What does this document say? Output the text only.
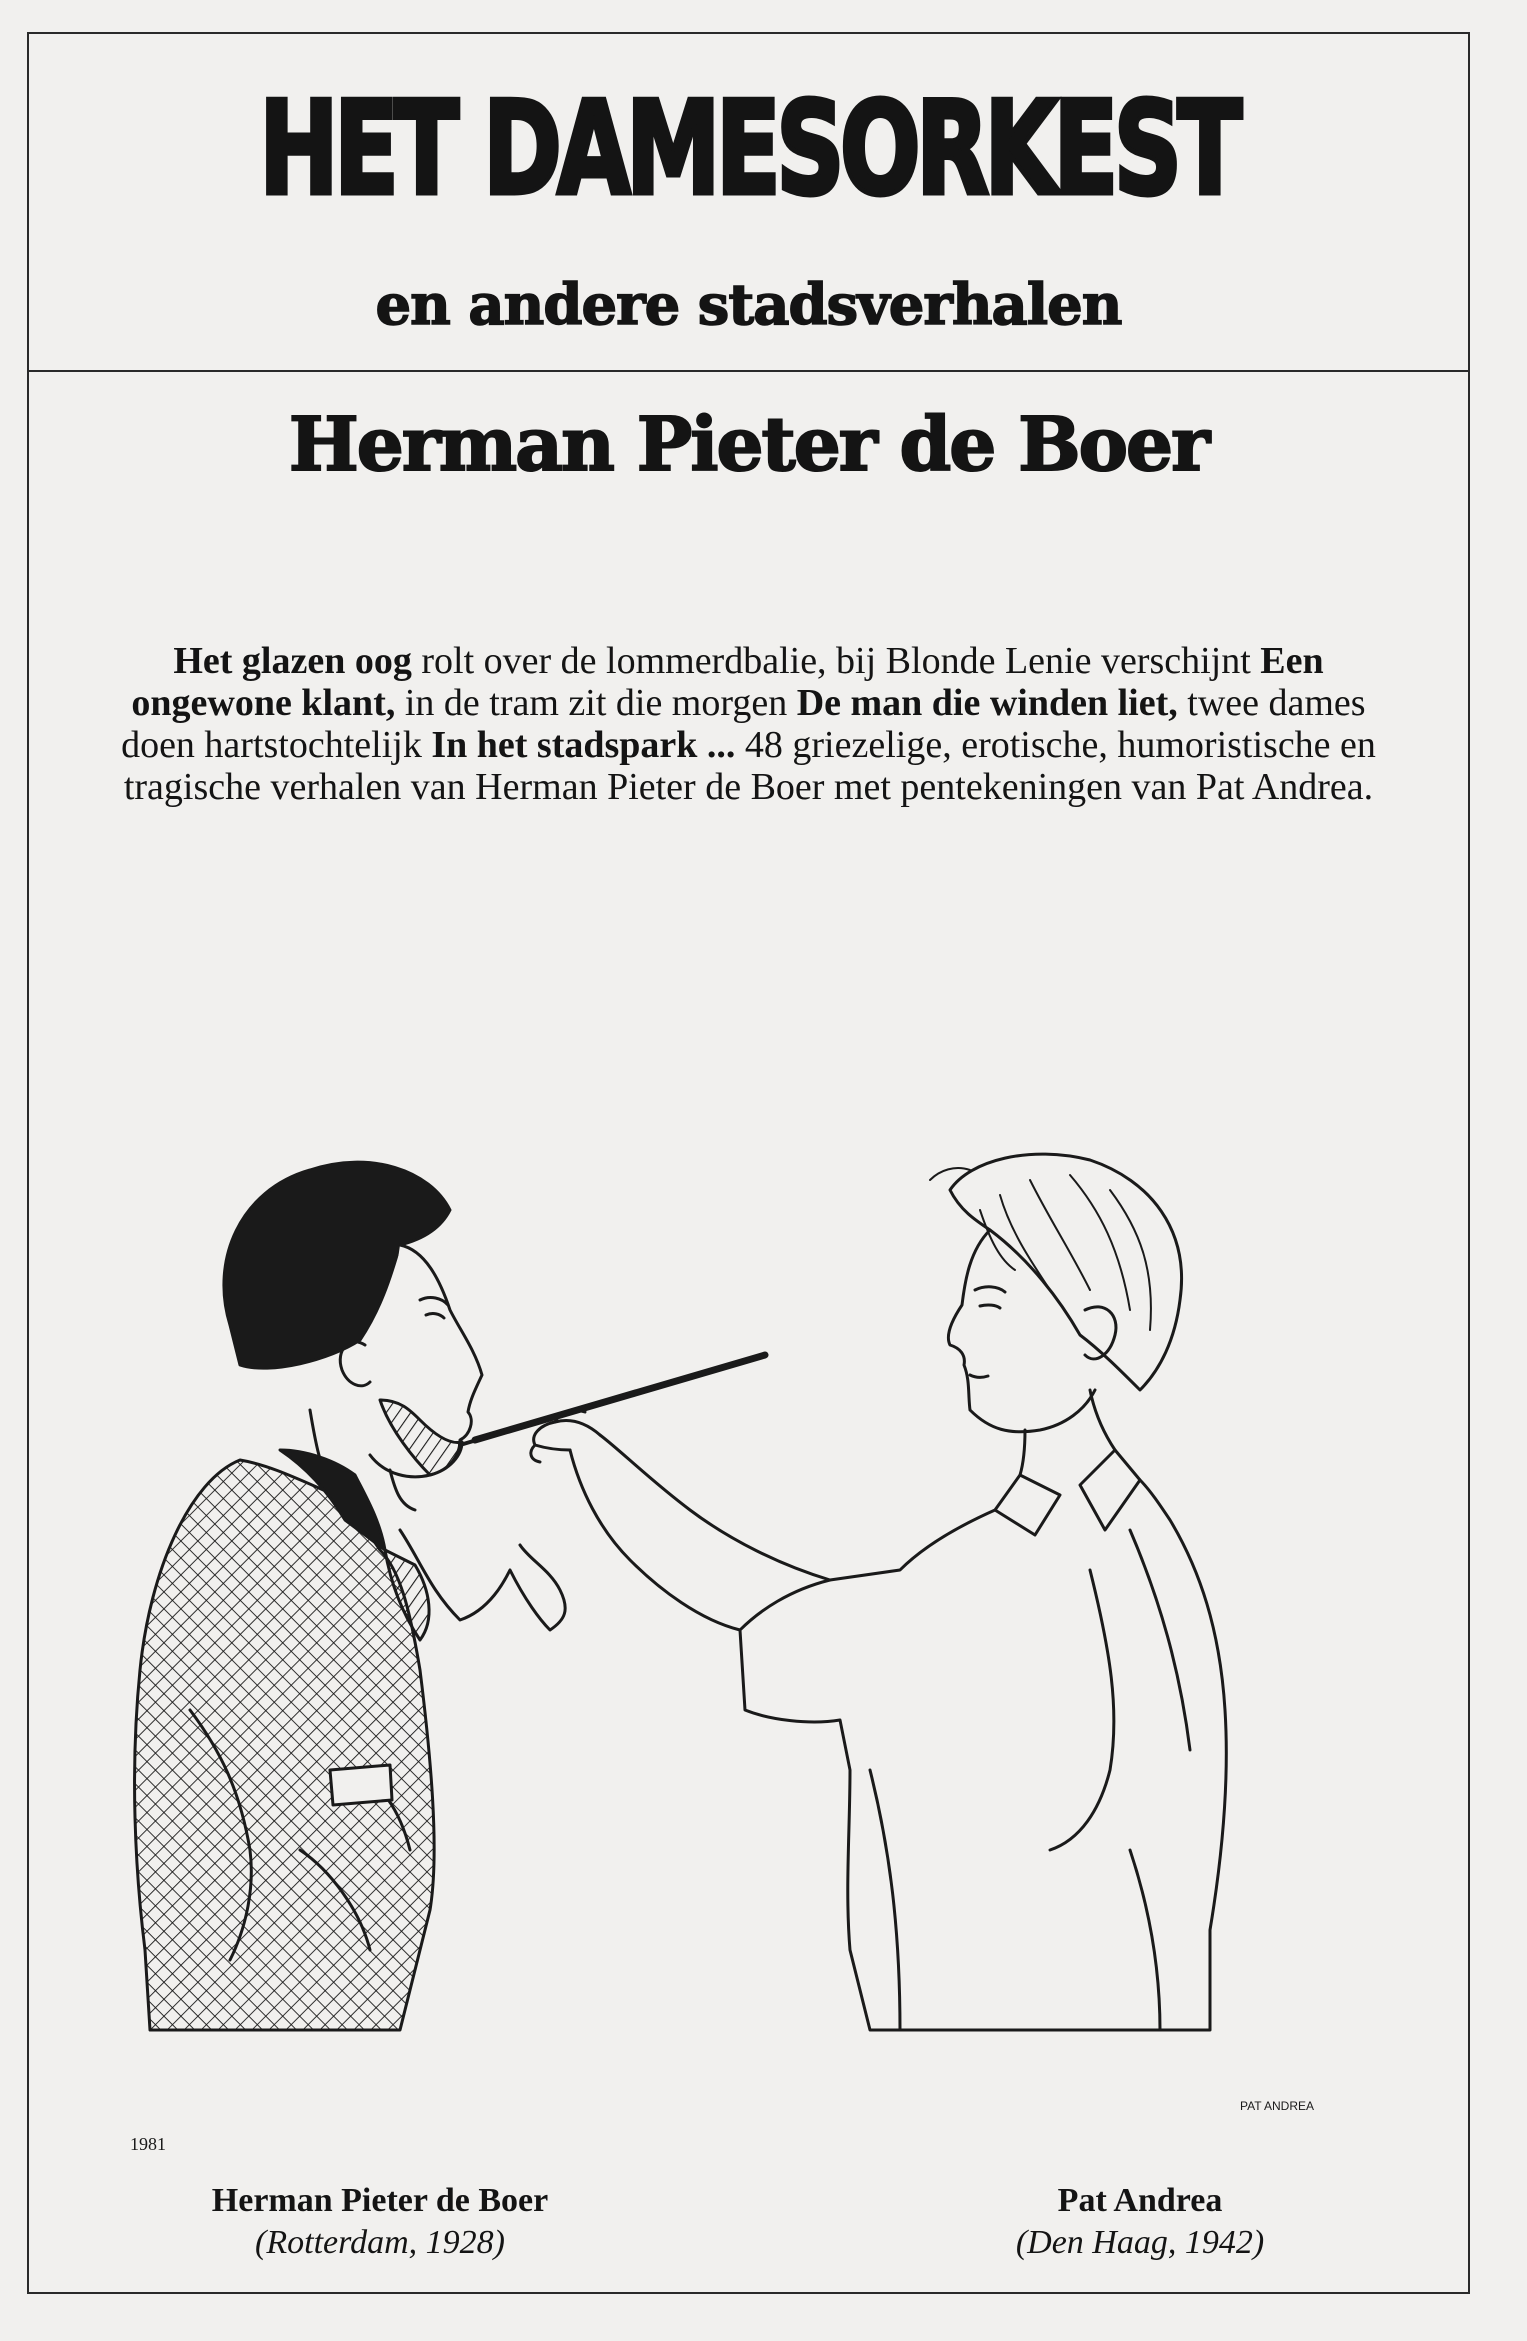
HET DAMESORKEST
en andere stadsverhalen
Herman Pieter de Boer
Het glazen oog rolt over de lommerdbalie, bij Blonde Lenie verschijnt Een ongewone klant, in de tram zit die morgen De man die winden liet, twee dames doen hartstochtelijk In het stadspark ... 48 griezelige, erotische, humoristische en tragische verhalen van Herman Pieter de Boer met pentekeningen van Pat Andrea.
1981
PAT ANDREA
Herman Pieter de Boer
(Rotterdam, 1928)
Pat Andrea
(Den Haag, 1942)
